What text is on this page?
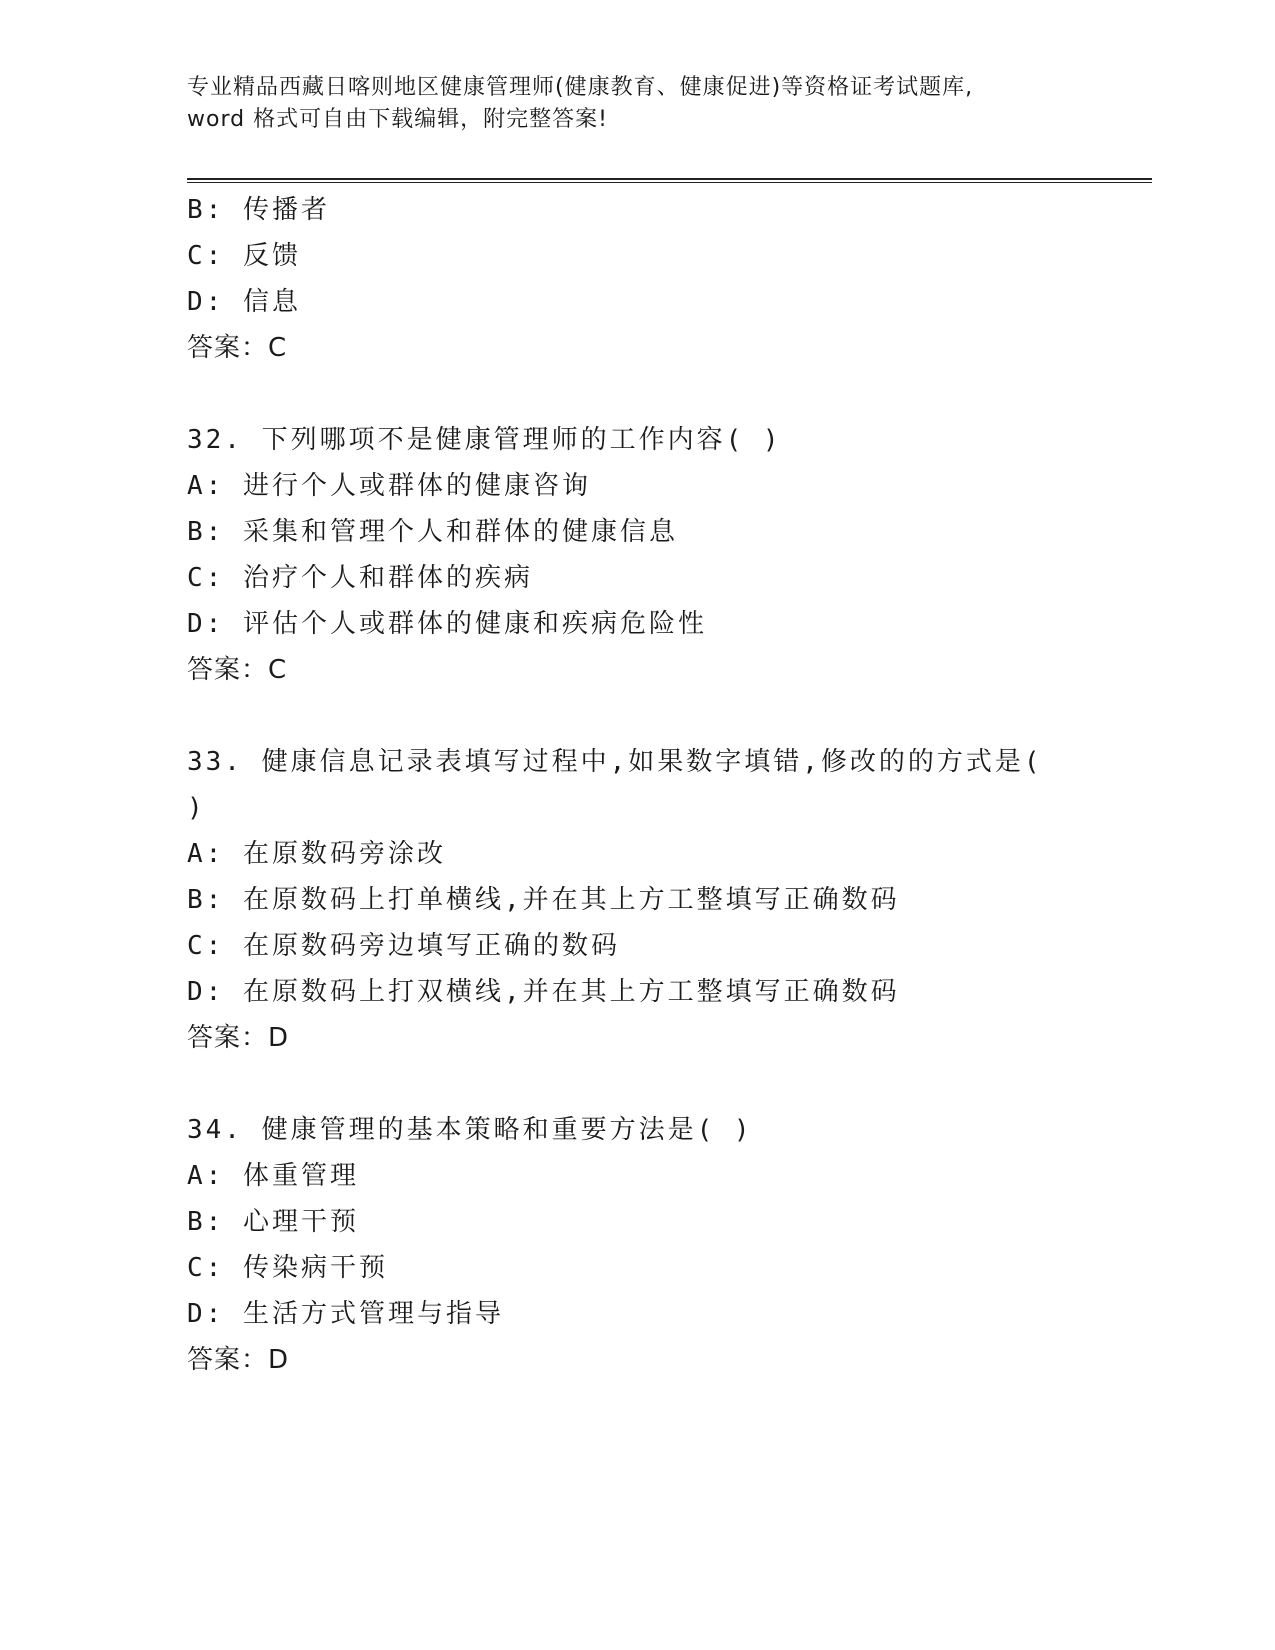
专业精品西藏日喀则地区健康管理师(健康教育、健康促进)等资格证考试题库,
word 格式可自由下载编辑，附完整答案!
B: 传播者
C: 反馈
D: 信息
答案：C
32. 下列哪项不是健康管理师的工作内容( )
A: 进行个人或群体的健康咨询
B: 采集和管理个人和群体的健康信息
C: 治疗个人和群体的疾病
D: 评估个人或群体的健康和疾病危险性
答案：C
33. 健康信息记录表填写过程中,如果数字填错,修改的的方式是(
)
A: 在原数码旁涂改
B: 在原数码上打单横线,并在其上方工整填写正确数码
C: 在原数码旁边填写正确的数码
D: 在原数码上打双横线,并在其上方工整填写正确数码
答案：D
34. 健康管理的基本策略和重要方法是( )
A: 体重管理
B: 心理干预
C: 传染病干预
D: 生活方式管理与指导
答案：D
